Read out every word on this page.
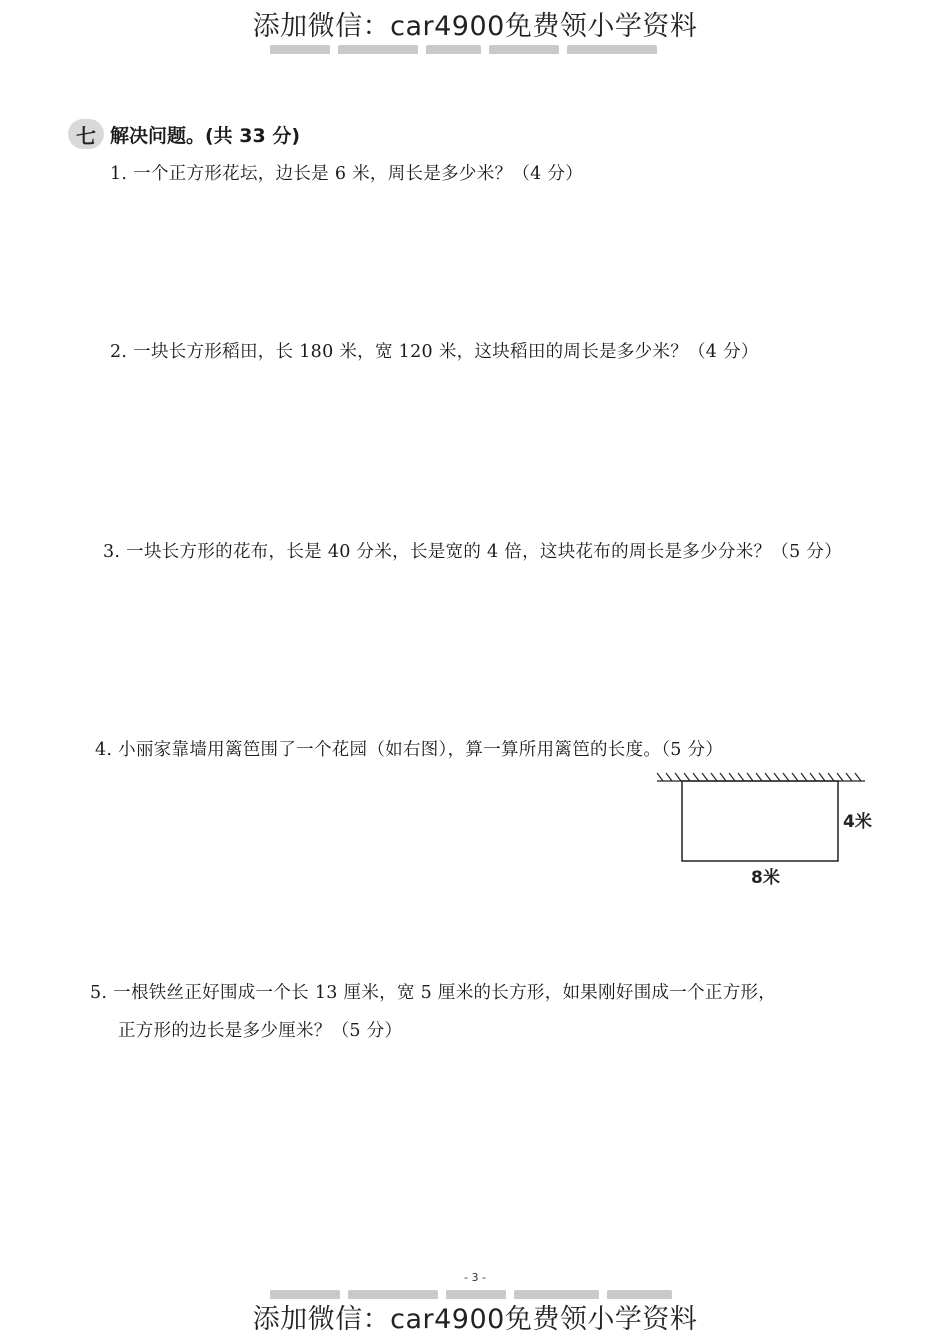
添加微信：car4900免费领小学资料
七 解决问题。(共 33 分)
1. 一个正方形花坛，边长是 6 米，周长是多少米？（4 分）
2. 一块长方形稻田，长 180 米，宽 120 米，这块稻田的周长是多少米？（4 分）
3. 一块长方形的花布，长是 40 分米，长是宽的 4 倍，这块花布的周长是多少分米？（5 分）
4. 小丽家靠墙用篱笆围了一个花园（如右图），算一算所用篱笆的长度。（5 分）
4米
8米
5. 一根铁丝正好围成一个长 13 厘米，宽 5 厘米的长方形，如果刚好围成一个正方形，
正方形的边长是多少厘米？（5 分）
- 3 -
添加微信：car4900免费领小学资料
